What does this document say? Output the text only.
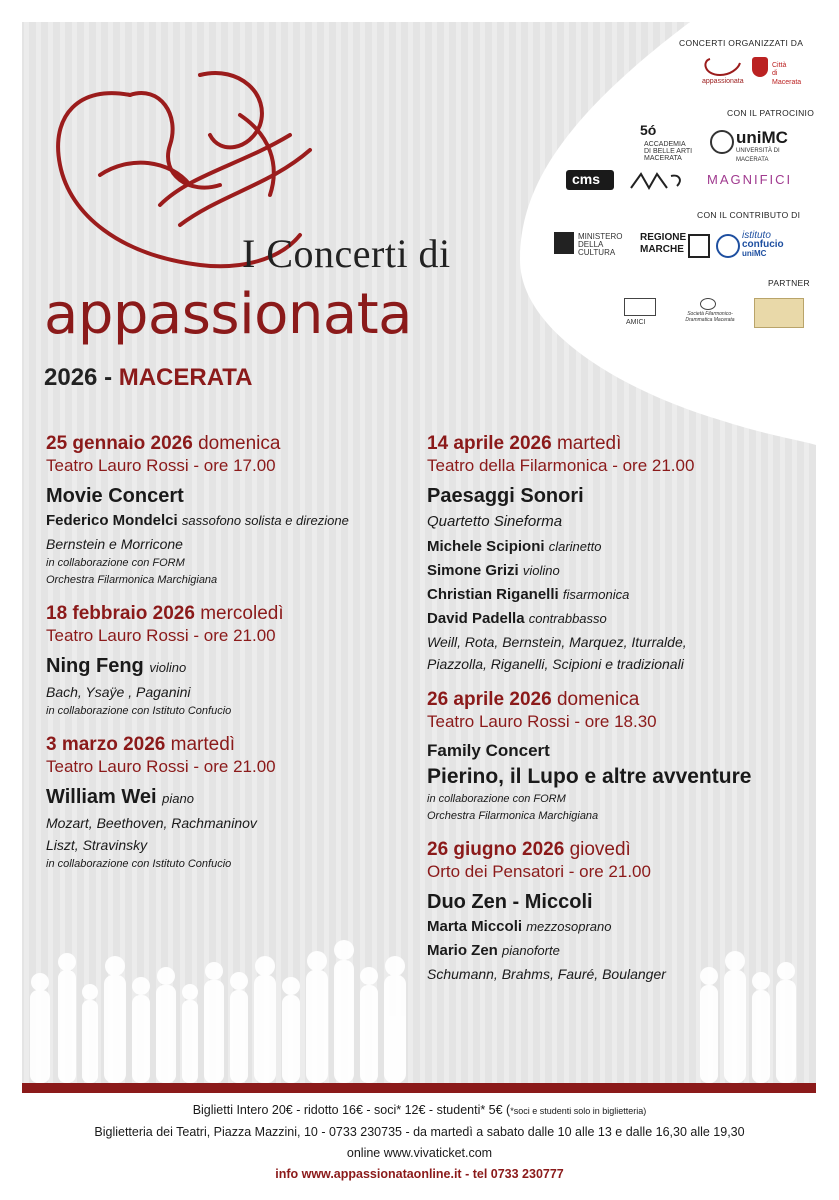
I Concerti di
appassionata
2026 - MACERATA
CONCERTI ORGANIZZATI DA
appassionata
Città
di Macerata
CON IL PATROCINIO
5ó
ACCADEMIA
DI BELLE ARTI
MACERATA
uniMC
UNIVERSITÀ DI MACERATA
cms	MAGNIFICI
CON IL CONTRIBUTO DI
MINISTERO
DELLA
CULTURA
REGIONE
MARCHE
istituto
confucio
uniMC
PARTNER
AMICI
Società Filarmonico-Drammatica Macerata
25 gennaio 2026 domenica
Teatro Lauro Rossi - ore 17.00
Movie Concert
Federico Mondelci sassofono solista e direzione
Bernstein e Morricone
in collaborazione con FORM
Orchestra Filarmonica Marchigiana
18 febbraio 2026 mercoledì
Teatro Lauro Rossi - ore 21.00
Ning Feng violino
Bach, Ysaÿe , Paganini
in collaborazione con Istituto Confucio
3 marzo 2026 martedì
Teatro Lauro Rossi - ore 21.00
William Wei piano
Mozart, Beethoven, Rachmaninov
Liszt, Stravinsky
in collaborazione con Istituto Confucio
14 aprile 2026 martedì
Teatro della Filarmonica - ore 21.00
Paesaggi Sonori
Quartetto Sineforma
Michele Scipioni clarinetto
Simone Grizi violino
Christian Riganelli fisarmonica
David Padella contrabbasso
Weill, Rota, Bernstein, Marquez, Iturralde,
Piazzolla, Riganelli, Scipioni e tradizionali
26 aprile 2026 domenica
Teatro Lauro Rossi - ore 18.30
Family Concert
Pierino, il Lupo e altre avventure
in collaborazione con FORM
Orchestra Filarmonica Marchigiana
26 giugno 2026 giovedì
Orto dei Pensatori - ore 21.00
Duo Zen - Miccoli
Marta Miccoli mezzosoprano
Mario Zen pianoforte
Schumann, Brahms, Fauré, Boulanger
Biglietti Intero 20€ - ridotto 16€ - soci* 12€ - studenti* 5€ (*soci e studenti solo in biglietteria)
Biglietteria dei Teatri, Piazza Mazzini, 10 - 0733 230735 - da martedì a sabato dalle 10 alle 13 e dalle 16,30 alle 19,30
online www.vivaticket.com
info www.appassionataonline.it - tel 0733 230777
